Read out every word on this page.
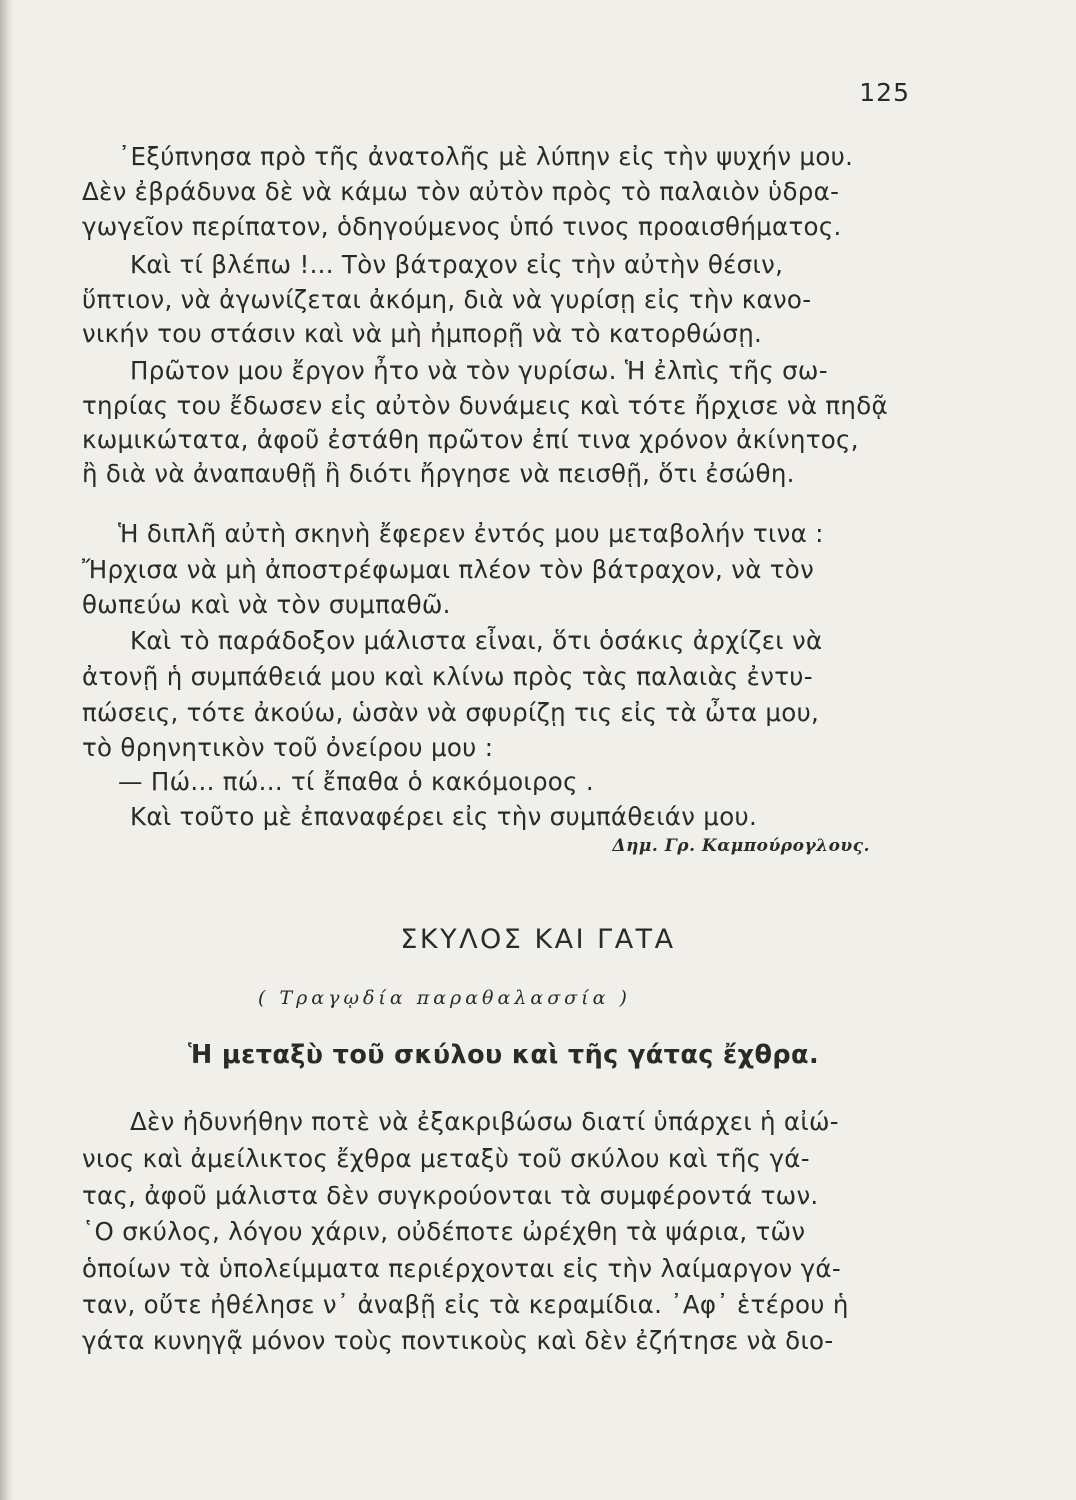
125
᾿Εξύπνησα πρὸ τῆς ἀνατολῆς μὲ λύπην εἰς τὴν ψυχήν μου.
Δὲν ἐβράδυνα δὲ νὰ κάμω τὸν αὐτὸν πρὸς τὸ παλαιὸν ὑδρα-
γωγεῖον περίπατον, ὁδηγούμενος ὑπό τινος προαισθήματος.
Καὶ τί βλέπω !... Τὸν βάτραχον εἰς τὴν αὐτὴν θέσιν,
ὕπτιον, νὰ ἀγωνίζεται ἀκόμη, διὰ νὰ γυρίσῃ εἰς τὴν κανο-
νικήν του στάσιν καὶ νὰ μὴ ἠμπορῇ νὰ τὸ κατορθώσῃ.
Πρῶτον μου ἔργον ἦτο νὰ τὸν γυρίσω. Ἡ ἐλπὶς τῆς σω-
τηρίας του ἔδωσεν εἰς αὐτὸν δυνάμεις καὶ τότε ἤρχισε νὰ πηδᾷ
κωμικώτατα, ἀφοῦ ἐστάθη πρῶτον ἐπί τινα χρόνον ἀκίνητος,
ἢ διὰ νὰ ἀναπαυθῇ ἢ διότι ἤργησε νὰ πεισθῇ, ὅτι ἐσώθη.
Ἡ διπλῆ αὐτὴ σκηνὴ ἔφερεν ἐντός μου μεταβολήν τινα :
Ἤρχισα νὰ μὴ ἀποστρέφωμαι πλέον τὸν βάτραχον, νὰ τὸν
θωπεύω καὶ νὰ τὸν συμπαθῶ.
Καὶ τὸ παράδοξον μάλιστα εἶναι, ὅτι ὁσάκις ἀρχίζει νὰ
ἀτονῇ ἡ συμπάθειά μου καὶ κλίνω πρὸς τὰς παλαιὰς ἐντυ-
πώσεις, τότε ἀκούω, ὡσὰν νὰ σφυρίζῃ τις εἰς τὰ ὦτα μου,
τὸ θρηνητικὸν τοῦ ὀνείρου μου :
— Πώ... πώ... τί ἔπαθα ὁ κακόμοιρος .
Καὶ τοῦτο μὲ ἐπαναφέρει εἰς τὴν συμπάθειάν μου.
Δημ. Γρ. Καμπούρογλους.
ΣΚΥΛΟΣ ΚΑΙ ΓΑΤΑ
( Τραγῳδία παραθαλασσία )
Ἡ μεταξὺ τοῦ σκύλου καὶ τῆς γάτας ἔχθρα.
Δὲν ἠδυνήθην ποτὲ νὰ ἐξακριβώσω διατί ὑπάρχει ἡ αἰώ-
νιος καὶ ἀμείλικτος ἔχθρα μεταξὺ τοῦ σκύλου καὶ τῆς γά-
τας, ἀφοῦ μάλιστα δὲν συγκρούονται τὰ συμφέροντά των.
῾Ο σκύλος, λόγου χάριν, οὐδέποτε ὠρέχθη τὰ ψάρια, τῶν
ὁποίων τὰ ὑπολείμματα περιέρχονται εἰς τὴν λαίμαργον γά-
ταν, οὔτε ἠθέλησε ν᾿ ἀναβῇ εἰς τὰ κεραμίδια. ᾿Αφ᾿ ἑτέρου ἡ
γάτα κυνηγᾷ μόνον τοὺς ποντικοὺς καὶ δὲν ἐζήτησε νὰ διο-
